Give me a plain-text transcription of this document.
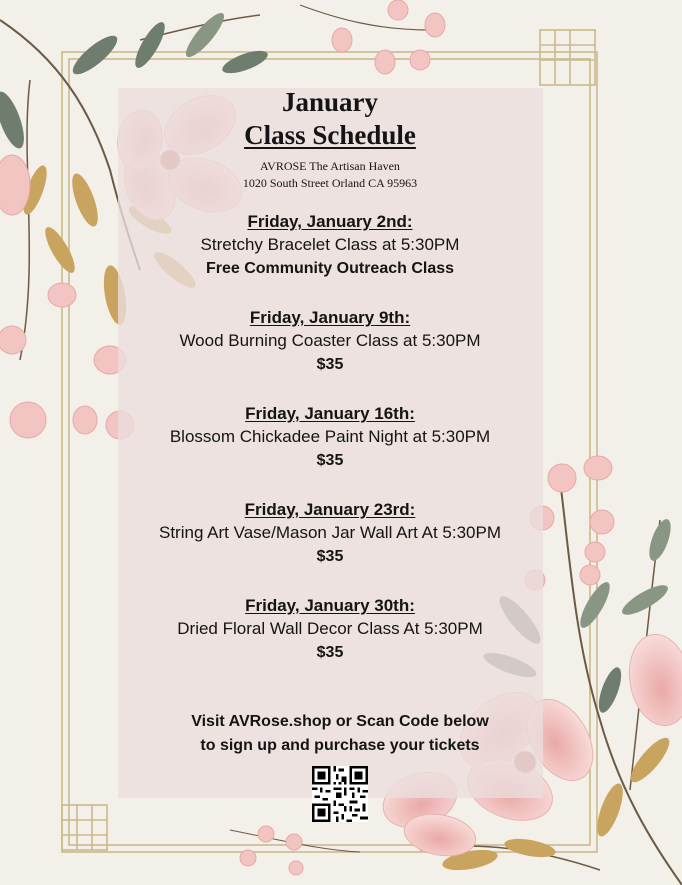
January
Class Schedule
AVROSE The Artisan Haven
1020 South Street Orland CA 95963
Friday, January 2nd:
Stretchy Bracelet Class at 5:30PM
Free Community Outreach Class
Friday, January 9th:
Wood Burning Coaster Class at 5:30PM
$35
Friday, January 16th:
Blossom Chickadee Paint Night at 5:30PM
$35
Friday, January 23rd:
String Art Vase/Mason Jar Wall Art At 5:30PM
$35
Friday, January 30th:
Dried Floral Wall Decor Class At 5:30PM
$35
Visit AVRose.shop or Scan Code below
to sign up and purchase your tickets
